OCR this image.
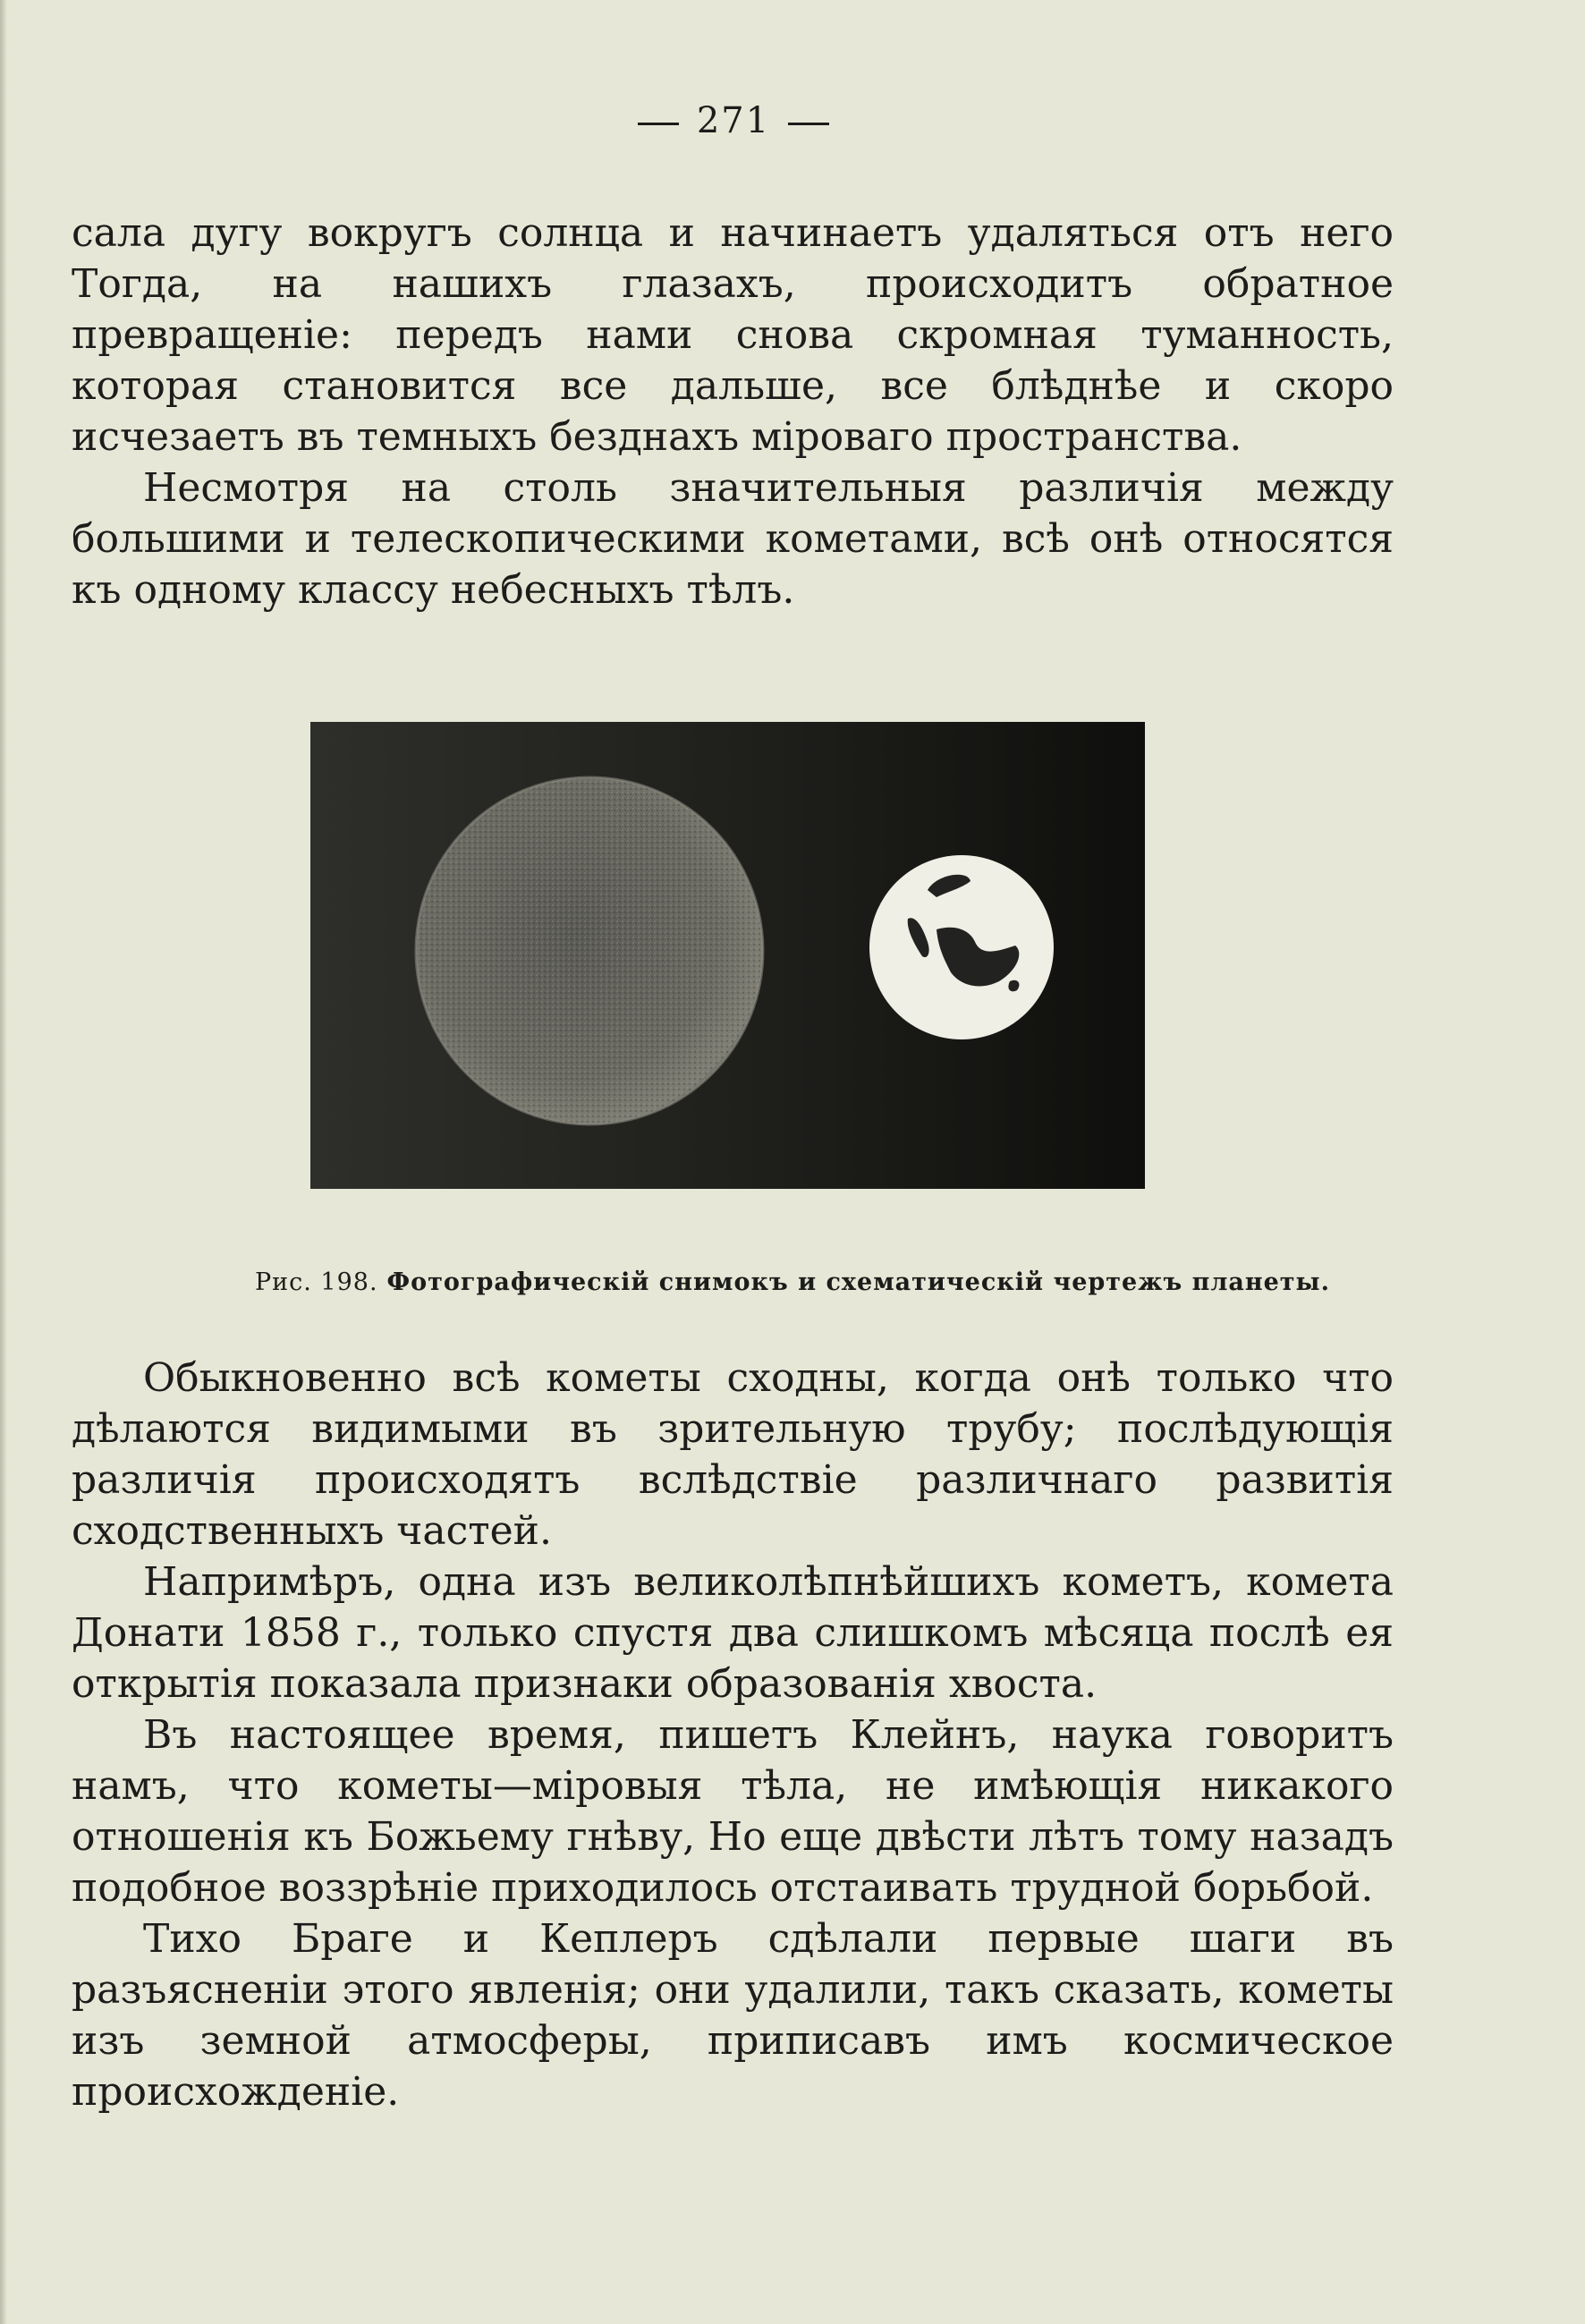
271

сала дугу вокругъ солнца и начинаетъ удаляться отъ него Тогда, на нашихъ глазахъ, происходитъ обратное превращеніе: передъ нами снова скромная туманность, которая становится все дальше, все блѣднѣе и скоро исчезаетъ въ темныхъ безднахъ міроваго пространства.

Несмотря на столь значительныя различія между большими и телескопическими кометами, всѣ онѣ относятся къ одному классу небесныхъ тѣлъ.

Рис. 198. Фотографическій снимокъ и схематическій чертежъ планеты.

Обыкновенно всѣ кометы сходны, когда онѣ только что дѣлаются видимыми въ зрительную трубу; послѣдующія различія происходятъ вслѣдствіе различнаго развитія сходственныхъ частей.

Напримѣръ, одна изъ великолѣпнѣйшихъ кометъ, комета Донати 1858 г., только спустя два слишкомъ мѣсяца послѣ ея открытія показала признаки образованія хвоста.

Въ настоящее время, пишетъ Клейнъ, наука говоритъ намъ, что кометы—міровыя тѣла, не имѣющія никакого отношенія къ Божьему гнѣву, Но еще двѣсти лѣтъ тому назадъ подобное воззрѣніе приходилось отстаивать трудной борьбой.

Тихо Браге и Кеплеръ сдѣлали первые шаги въ разъясненіи этого явленія; они удалили, такъ сказать, кометы изъ земной атмосферы, приписавъ имъ космическое происхожденіе.
